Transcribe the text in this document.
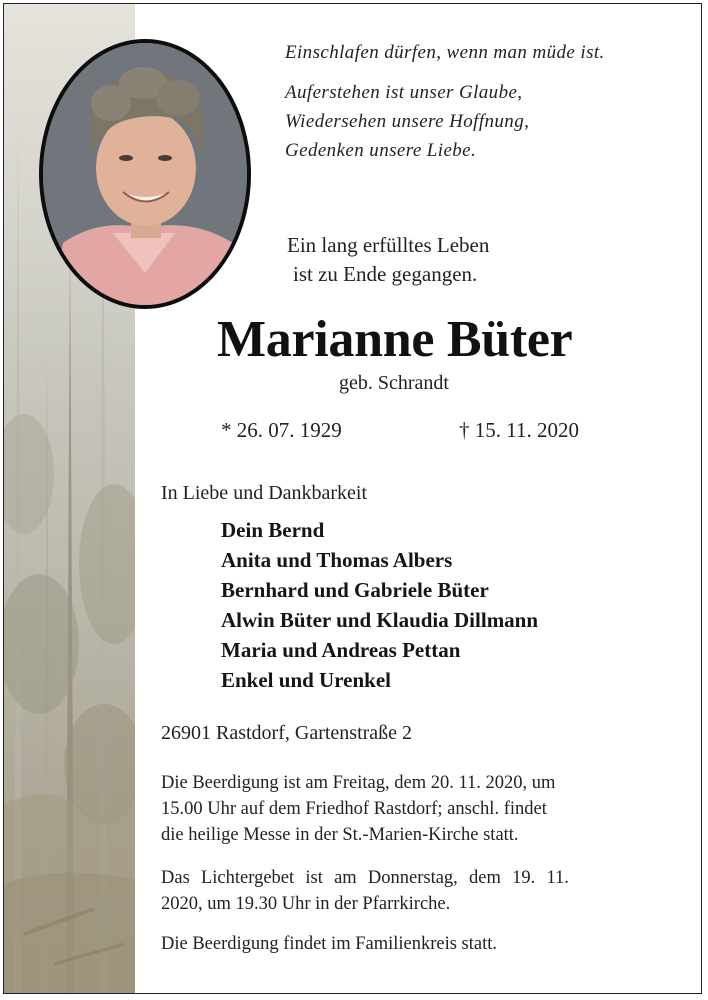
Einschlafen dürfen, wenn man müde ist.
Auferstehen ist unser Glaube,
Wiedersehen unsere Hoffnung,
Gedenken unsere Liebe.
Ein lang erfülltes Leben
ist zu Ende gegangen.
Marianne Büter
geb. Schrandt
* 26. 07. 1929	† 15. 11. 2020
In Liebe und Dankbarkeit
Dein Bernd
Anita und Thomas Albers
Bernhard und Gabriele Büter
Alwin Büter und Klaudia Dillmann
Maria und Andreas Pettan
Enkel und Urenkel
26901 Rastdorf, Gartenstraße 2
Die Beerdigung ist am Freitag, dem 20. 11. 2020, um
15.00 Uhr auf dem Friedhof Rastdorf; anschl. findet
die heilige Messe in der St.-Marien-Kirche statt.
Das Lichtergebet ist am Donnerstag, dem 19. 11.
2020, um 19.30 Uhr in der Pfarrkirche.
Die Beerdigung findet im Familienkreis statt.
